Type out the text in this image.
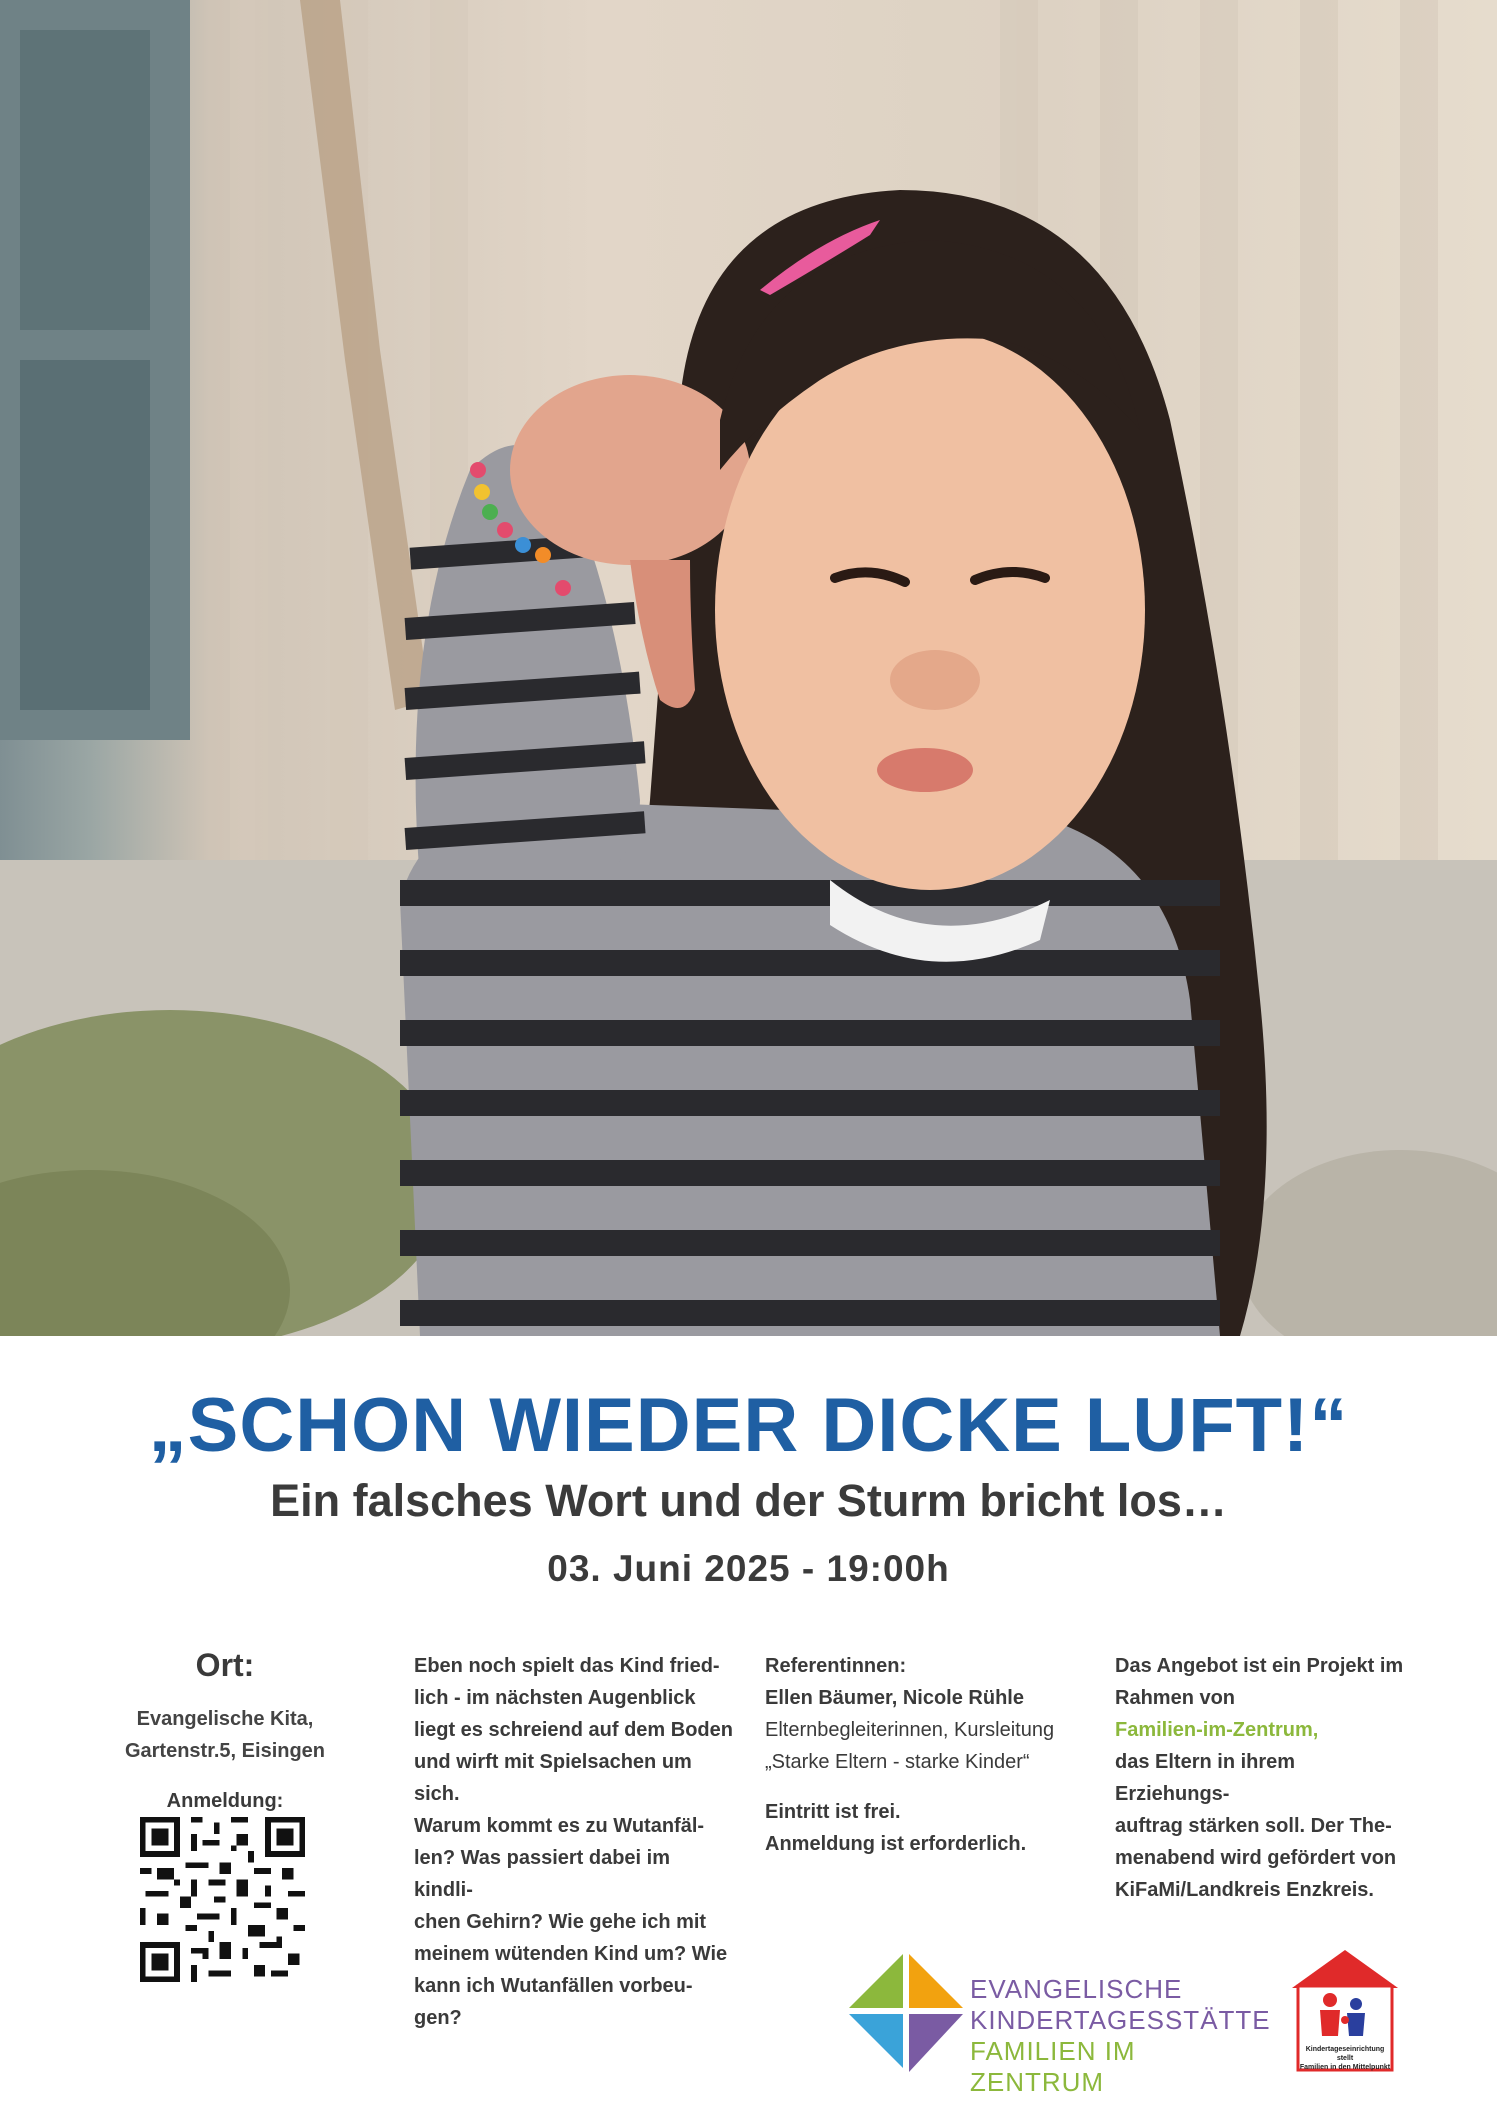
„SCHON WIEDER DICKE LUFT!“
Ein falsches Wort und der Sturm bricht los…
03. Juni 2025 - 19:00h
Ort:
Evangelische Kita,
Gartenstr.5, Eisingen
Anmeldung:
Eben noch spielt das Kind fried-
lich - im nächsten Augenblick
liegt es schreiend auf dem Boden
und wirft mit Spielsachen um
sich.
Warum kommt es zu Wutanfäl-
len? Was passiert dabei im kindli-
chen Gehirn? Wie gehe ich mit
meinem wütenden Kind um? Wie
kann ich Wutanfällen vorbeu-
gen?
Referentinnen:
Ellen Bäumer, Nicole Rühle
Elternbegleiterinnen, Kursleitung
„Starke Eltern - starke Kinder“
Eintritt ist frei.
Anmeldung ist erforderlich.
Das Angebot ist ein Projekt im
Rahmen von
Familien-im-Zentrum,
das Eltern in ihrem Erziehungs-
auftrag stärken soll. Der The-
menabend wird gefördert von
KiFaMi/Landkreis Enzkreis.
EVANGELISCHE
KINDERTAGESSTÄTTE
FAMILIEN IM ZENTRUM
Kindertageseinrichtung stellt
Familien in den Mittelpunkt
